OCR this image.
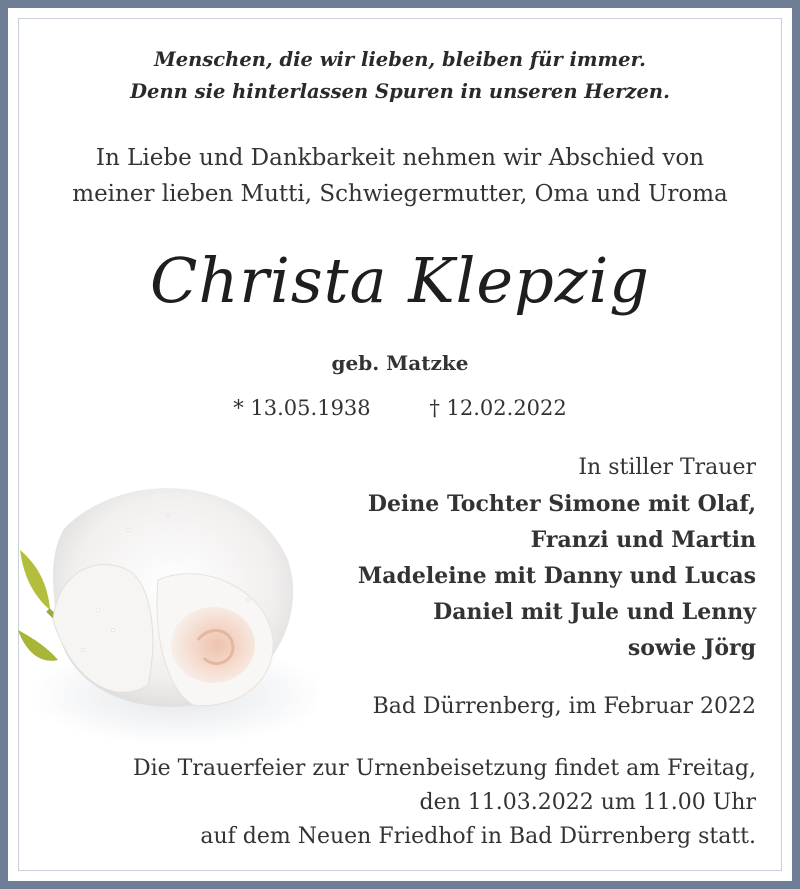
Menschen, die wir lieben, bleiben für immer.
Denn sie hinterlassen Spuren in unseren Herzen.
In Liebe und Dankbarkeit nehmen wir Abschied von
meiner lieben Mutti, Schwiegermutter, Oma und Uroma
Christa Klepzig
geb. Matzke
* 13.05.1938	† 12.02.2022
In stiller Trauer
Deine Tochter Simone mit Olaf,
Franzi und Martin
Madeleine mit Danny und Lucas
Daniel mit Jule und Lenny
sowie Jörg
Bad Dürrenberg, im Februar 2022
Die Trauerfeier zur Urnenbeisetzung findet am Freitag,
den 11.03.2022 um 11.00 Uhr
auf dem Neuen Friedhof in Bad Dürrenberg statt.
